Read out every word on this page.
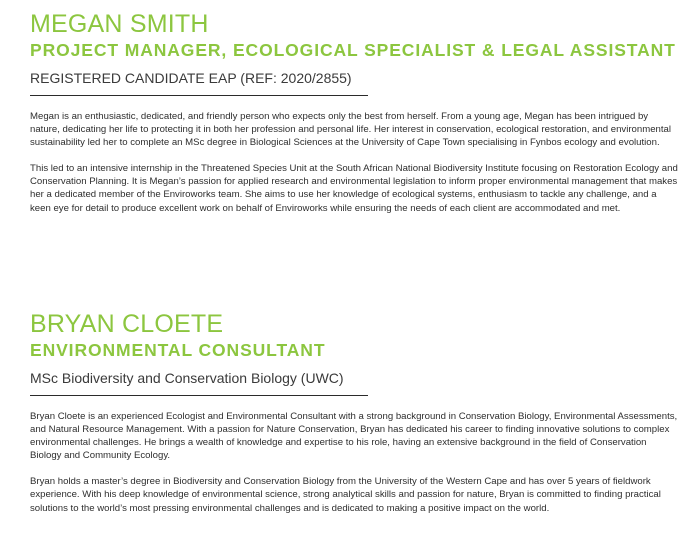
MEGAN SMITH
PROJECT MANAGER, ECOLOGICAL SPECIALIST & LEGAL ASSISTANT

REGISTERED CANDIDATE EAP (REF: 2020/2855)

Megan is an enthusiastic, dedicated, and friendly person who expects only the best from herself. From a young age, Megan has been intrigued by nature, dedicating her life to protecting it in both her profession and personal life. Her interest in conservation, ecological restoration, and environmental sustainability led her to complete an MSc degree in Biological Sciences at the University of Cape Town specialising in Fynbos ecology and evolution.

This led to an intensive internship in the Threatened Species Unit at the South African National Biodiversity Institute focusing on Restoration Ecology and Conservation Planning. It is Megan’s passion for applied research and environmental legislation to inform proper environmental management that makes her a dedicated member of the Enviroworks team. She aims to use her knowledge of ecological systems, enthusiasm to tackle any challenge, and a keen eye for detail to produce excellent work on behalf of Enviroworks while ensuring the needs of each client are accommodated and met.

BRYAN CLOETE
ENVIRONMENTAL CONSULTANT

MSc Biodiversity and Conservation Biology (UWC)

Bryan Cloete is an experienced Ecologist and Environmental Consultant with a strong background in Conservation Biology, Environmental Assessments, and Natural Resource Management. With a passion for Nature Conservation, Bryan has dedicated his career to finding innovative solutions to complex environmental challenges. He brings a wealth of knowledge and expertise to his role, having an extensive background in the field of Conservation Biology and Community Ecology.

Bryan holds a master’s degree in Biodiversity and Conservation Biology from the University of the Western Cape and has over 5 years of fieldwork experience. With his deep knowledge of environmental science, strong analytical skills and passion for nature, Bryan is committed to finding practical solutions to the world’s most pressing environmental challenges and is dedicated to making a positive impact on the world.
